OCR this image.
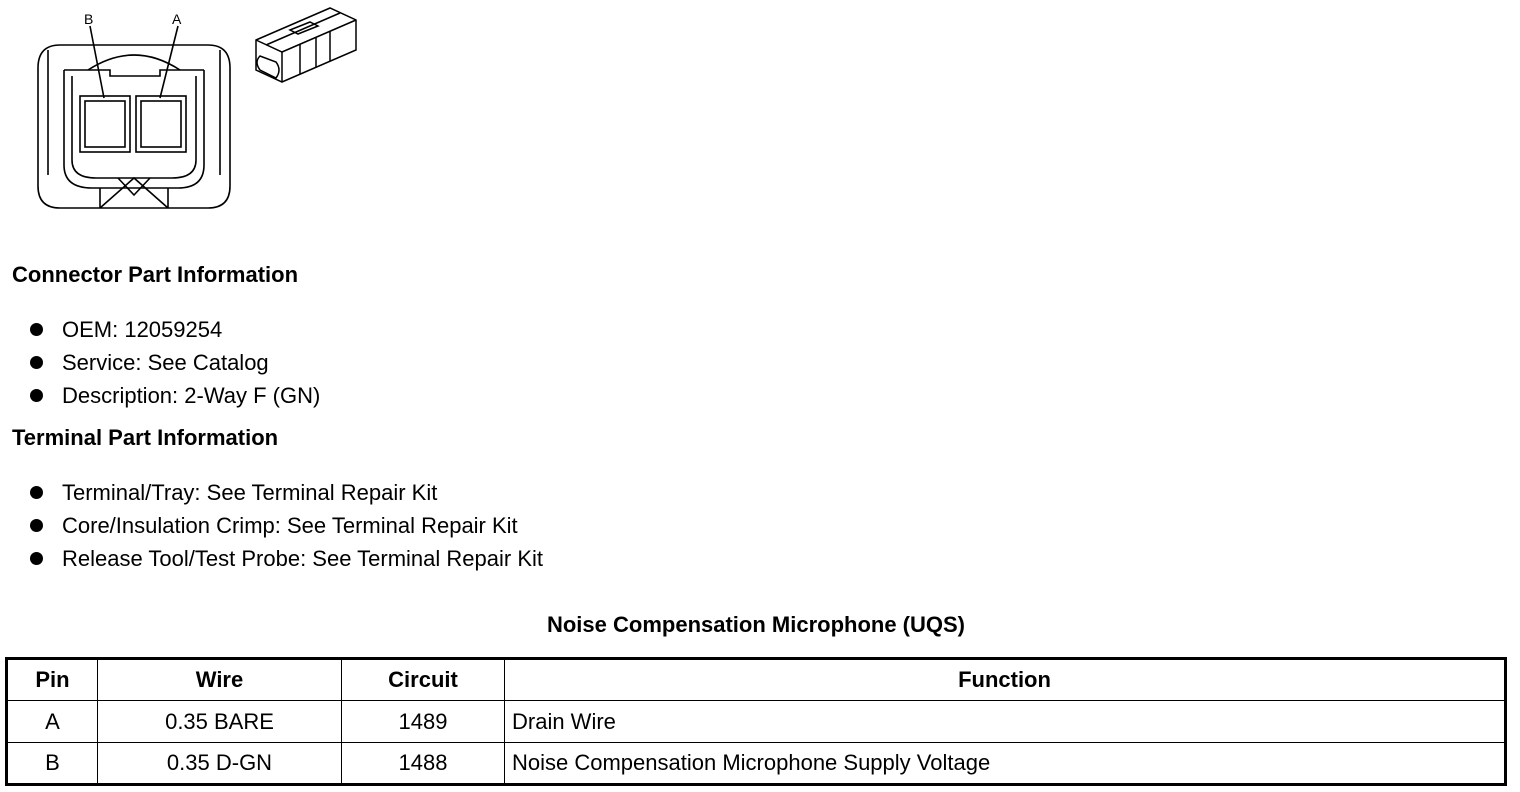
B	A
Connector Part Information
OEM: 12059254
Service: See Catalog
Description: 2-Way F (GN)
Terminal Part Information
Terminal/Tray: See Terminal Repair Kit
Core/Insulation Crimp: See Terminal Repair Kit
Release Tool/Test Probe: See Terminal Repair Kit
Noise Compensation Microphone (UQS)
Pin	Wire	Circuit	Function
A	0.35 BARE	1489	Drain Wire
B	0.35 D-GN	1488	Noise Compensation Microphone Supply Voltage
